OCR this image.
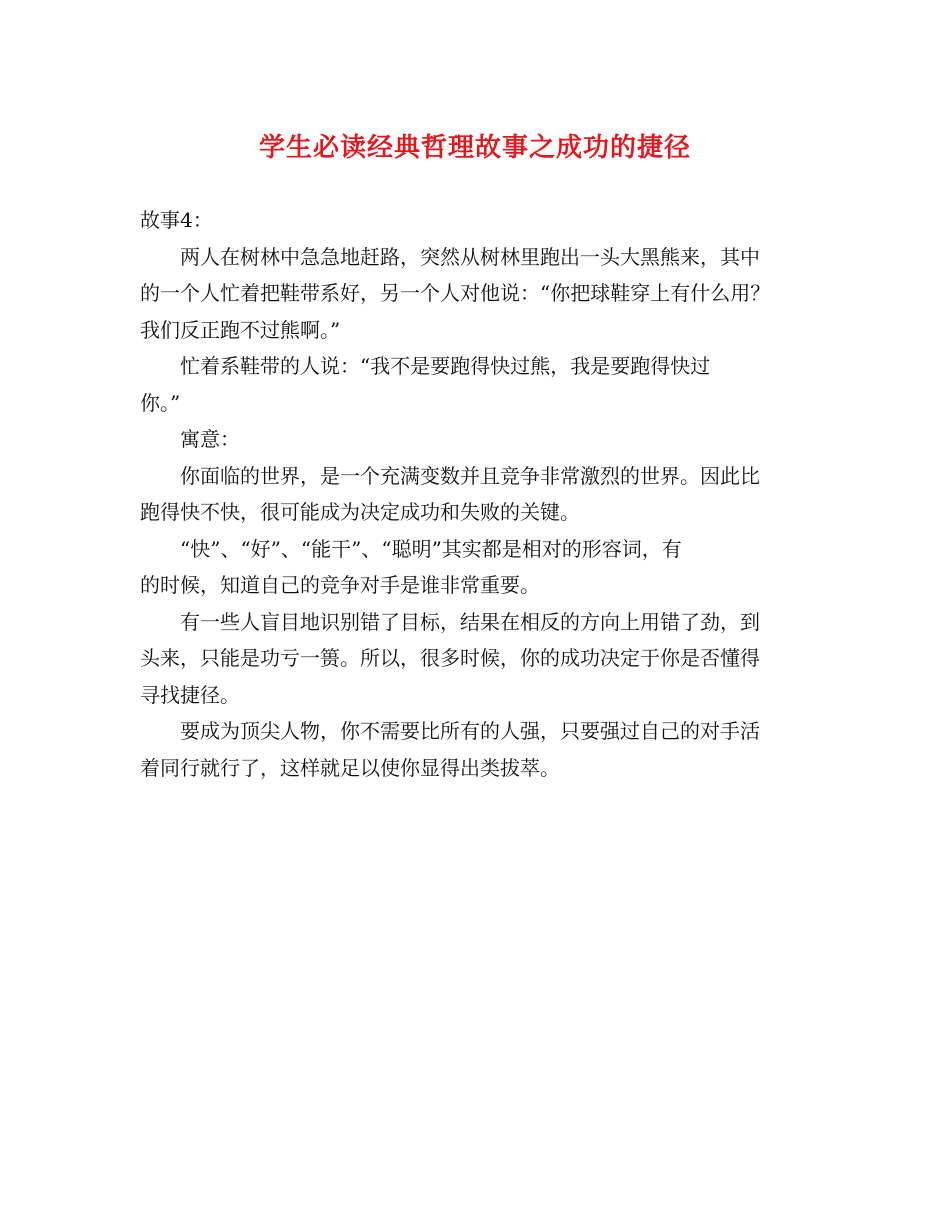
学生必读经典哲理故事之成功的捷径

故事4：

两人在树林中急急地赶路，突然从树林里跑出一头大黑熊来，其中
的一个人忙着把鞋带系好，另一个人对他说：“你把球鞋穿上有什么用？
我们反正跑不过熊啊。”

忙着系鞋带的人说：“我不是要跑得快过熊，我是要跑得快过
你。”

寓意：

你面临的世界，是一个充满变数并且竞争非常激烈的世界。因此比
跑得快不快，很可能成为决定成功和失败的关键。

“快”、“好”、“能干”、“聪明”其实都是相对的形容词，有
的时候，知道自己的竞争对手是谁非常重要。

有一些人盲目地识别错了目标，结果在相反的方向上用错了劲，到
头来，只能是功亏一篑。所以，很多时候，你的成功决定于你是否懂得
寻找捷径。

要成为顶尖人物，你不需要比所有的人强，只要强过自己的对手活
着同行就行了，这样就足以使你显得出类拔萃。
